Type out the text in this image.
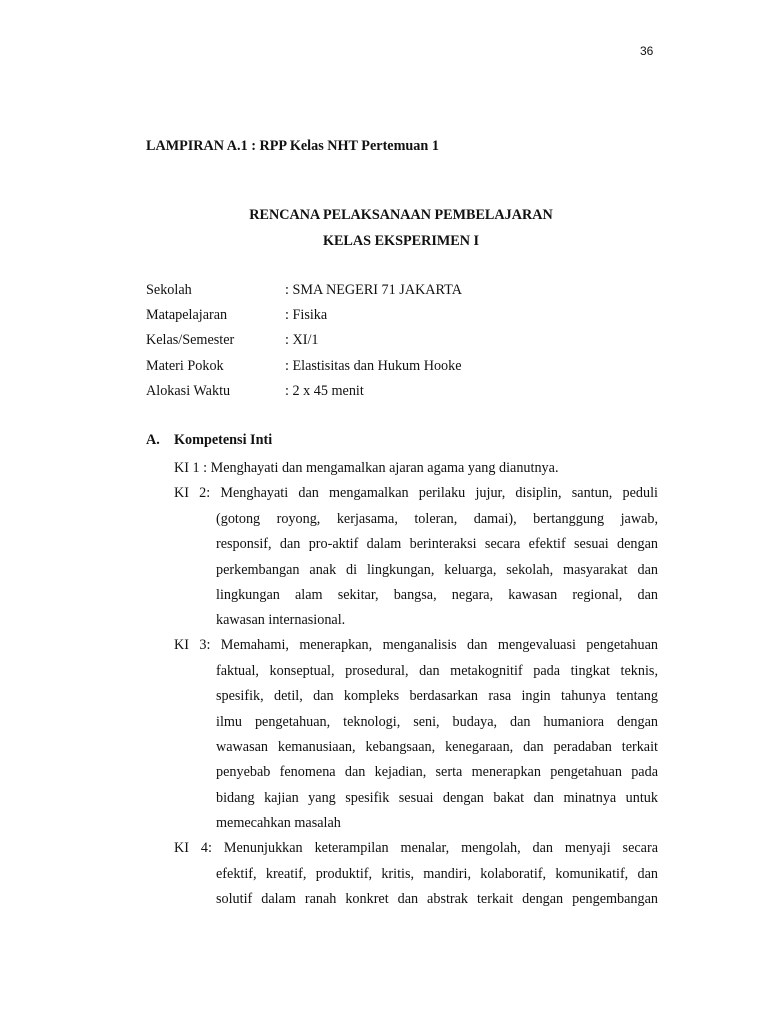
36
LAMPIRAN A.1 : RPP Kelas NHT Pertemuan 1
RENCANA PELAKSANAAN PEMBELAJARAN
KELAS EKSPERIMEN I
Sekolah	: SMA NEGERI 71 JAKARTA
Matapelajaran	: Fisika
Kelas/Semester	: XI/1
Materi Pokok	: Elastisitas dan Hukum Hooke
Alokasi Waktu	: 2 x 45 menit
A.	Kompetensi Inti
KI 1 : Menghayati dan mengamalkan ajaran agama yang dianutnya.
KI 2: Menghayati dan mengamalkan perilaku jujur, disiplin, santun, peduli
(gotong royong, kerjasama, toleran, damai), bertanggung jawab,
responsif, dan pro-aktif dalam berinteraksi secara efektif sesuai dengan
perkembangan anak di lingkungan, keluarga, sekolah, masyarakat dan
lingkungan alam sekitar, bangsa, negara, kawasan regional, dan
kawasan internasional.
KI 3: Memahami, menerapkan, menganalisis dan mengevaluasi pengetahuan
faktual, konseptual, prosedural, dan metakognitif pada tingkat teknis,
spesifik, detil, dan kompleks berdasarkan rasa ingin tahunya tentang
ilmu pengetahuan, teknologi, seni, budaya, dan humaniora dengan
wawasan kemanusiaan, kebangsaan, kenegaraan, dan peradaban terkait
penyebab fenomena dan kejadian, serta menerapkan pengetahuan pada
bidang kajian yang spesifik sesuai dengan bakat dan minatnya untuk
memecahkan masalah
KI 4: Menunjukkan keterampilan menalar, mengolah, dan menyaji secara
efektif, kreatif, produktif, kritis, mandiri, kolaboratif, komunikatif, dan
solutif dalam ranah konkret dan abstrak terkait dengan pengembangan
